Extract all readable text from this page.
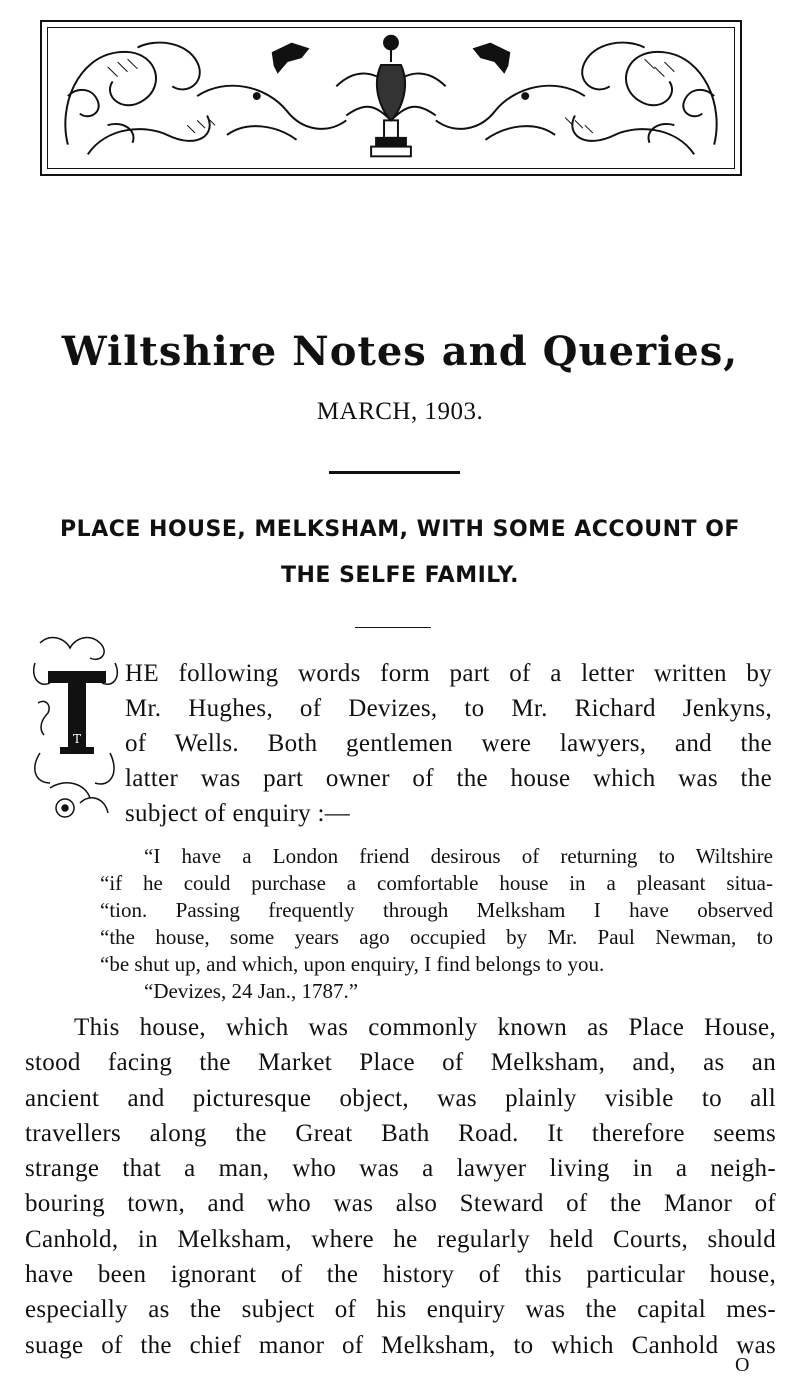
Wiltshire Notes and Queries,
MARCH, 1903.
PLACE HOUSE, MELKSHAM, WITH SOME ACCOUNT OF
THE SELFE FAMILY.
T
HE following words form part of a letter written by
Mr. Hughes, of Devizes, to Mr. Richard Jenkyns,
of Wells. Both gentlemen were lawyers, and the
latter was part owner of the house which was the
subject of enquiry :—
“I have a London friend desirous of returning to Wiltshire
“if he could purchase a comfortable house in a pleasant situa-
“tion. Passing frequently through Melksham I have observed
“the house, some years ago occupied by Mr. Paul Newman, to
“be shut up, and which, upon enquiry, I find belongs to you.
“Devizes, 24 Jan., 1787.”
This house, which was commonly known as Place House,
stood facing the Market Place of Melksham, and, as an
ancient and picturesque object, was plainly visible to all
travellers along the Great Bath Road. It therefore seems
strange that a man, who was a lawyer living in a neigh-
bouring town, and who was also Steward of the Manor of
Canhold, in Melksham, where he regularly held Courts, should
have been ignorant of the history of this particular house,
especially as the subject of his enquiry was the capital mes-
suage of the chief manor of Melksham, to which Canhold was
O
